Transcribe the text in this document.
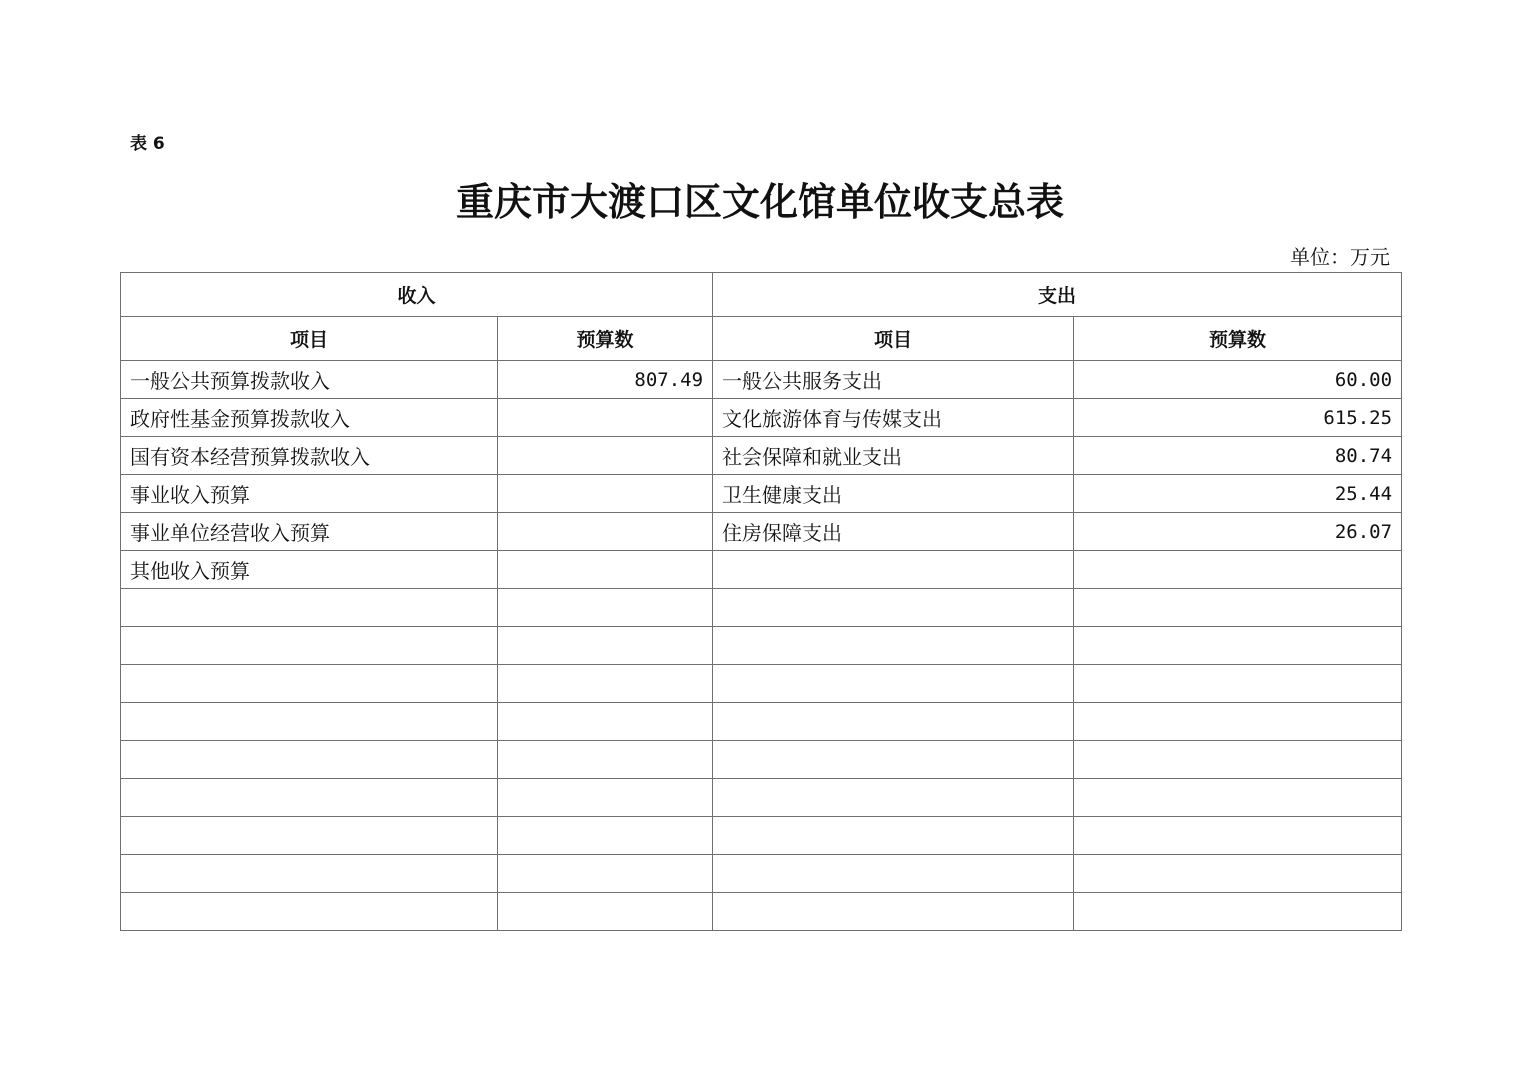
表 6
重庆市大渡口区文化馆单位收支总表
单位：万元
收入		支出	
项目	预算数	项目	预算数
一般公共预算拨款收入	807.49	一般公共服务支出	60.00
政府性基金预算拨款收入		文化旅游体育与传媒支出	615.25
国有资本经营预算拨款收入		社会保障和就业支出	80.74
事业收入预算		卫生健康支出	25.44
事业单位经营收入预算		住房保障支出	26.07
其他收入预算			
